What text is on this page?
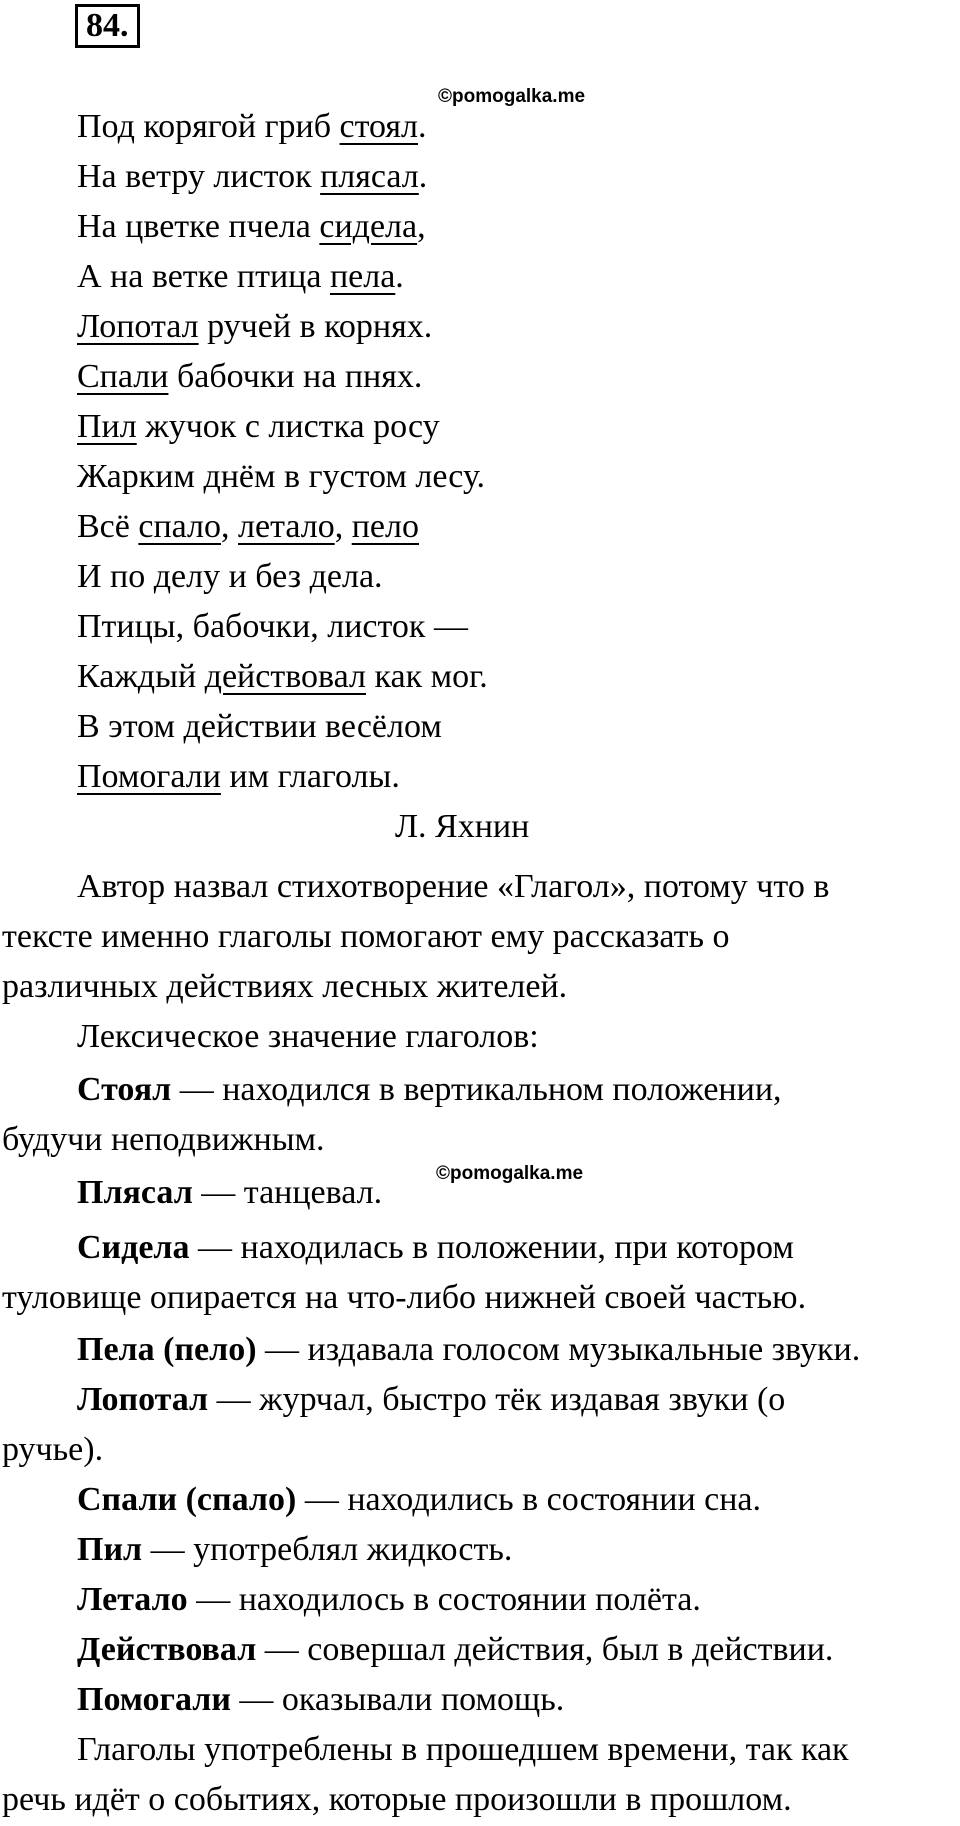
84.
©pomogalka.me
©pomogalka.me
Под корягой гриб стоял.
На ветру листок плясал.
На цветке пчела сидела,
А на ветке птица пела.
Лопотал ручей в корнях.
Спали бабочки на пнях.
Пил жучок с листка росу
Жарким днём в густом лесу.
Всё спало, летало, пело
И по делу и без дела.
Птицы, бабочки, листок —
Каждый действовал как мог.
В этом действии весёлом
Помогали им глаголы.
Л. Яхнин
Автор назвал стихотворение «Глагол», потому что в
тексте именно глаголы помогают ему рассказать о
различных действиях лесных жителей.
Лексическое значение глаголов:
Стоял — находился в вертикальном положении,
будучи неподвижным.
Плясал — танцевал.
Сидела — находилась в положении, при котором
туловище опирается на что-либо нижней своей частью.
Пела (пело) — издавала голосом музыкальные звуки.
Лопотал — журчал, быстро тёк издавая звуки (о
ручье).
Спали (спало) — находились в состоянии сна.
Пил — употреблял жидкость.
Летало — находилось в состоянии полёта.
Действовал — совершал действия, был в действии.
Помогали — оказывали помощь.
Глаголы употреблены в прошедшем времени, так как
речь идёт о событиях, которые произошли в прошлом.
